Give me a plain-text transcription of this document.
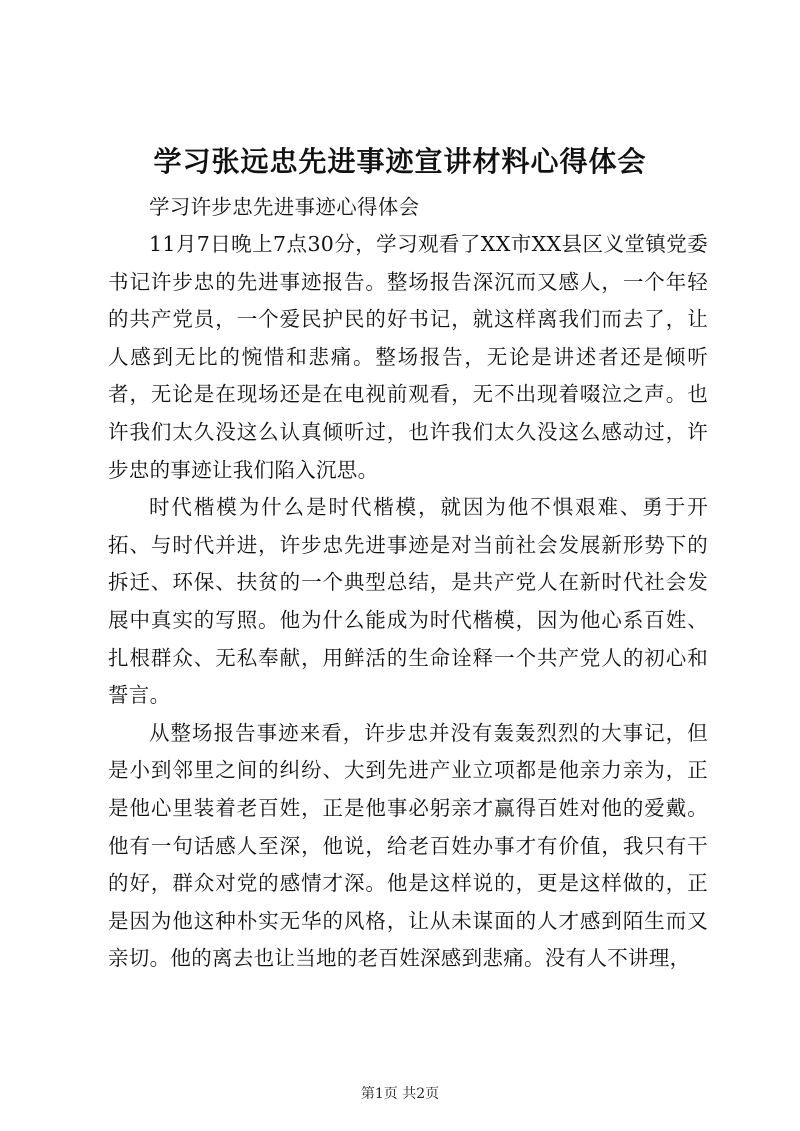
学习张远忠先进事迹宣讲材料心得体会

学习许步忠先进事迹心得体会

11月7日晚上7点30分，学习观看了XX市XX县区义堂镇党委书记许步忠的先进事迹报告。整场报告深沉而又感人，一个年轻的共产党员，一个爱民护民的好书记，就这样离我们而去了，让人感到无比的惋惜和悲痛。整场报告，无论是讲述者还是倾听者，无论是在现场还是在电视前观看，无不出现着啜泣之声。也许我们太久没这么认真倾听过，也许我们太久没这么感动过，许步忠的事迹让我们陷入沉思。

时代楷模为什么是时代楷模，就因为他不惧艰难、勇于开拓、与时代并进，许步忠先进事迹是对当前社会发展新形势下的拆迁、环保、扶贫的一个典型总结，是共产党人在新时代社会发展中真实的写照。他为什么能成为时代楷模，因为他心系百姓、扎根群众、无私奉献，用鲜活的生命诠释一个共产党人的初心和誓言。

从整场报告事迹来看，许步忠并没有轰轰烈烈的大事记，但是小到邻里之间的纠纷、大到先进产业立项都是他亲力亲为，正是他心里装着老百姓，正是他事必躬亲才赢得百姓对他的爱戴。他有一句话感人至深，他说，给老百姓办事才有价值，我只有干的好，群众对党的感情才深。他是这样说的，更是这样做的，正是因为他这种朴实无华的风格，让从未谋面的人才感到陌生而又亲切。他的离去也让当地的老百姓深感到悲痛。没有人不讲理，

第1页 共2页
